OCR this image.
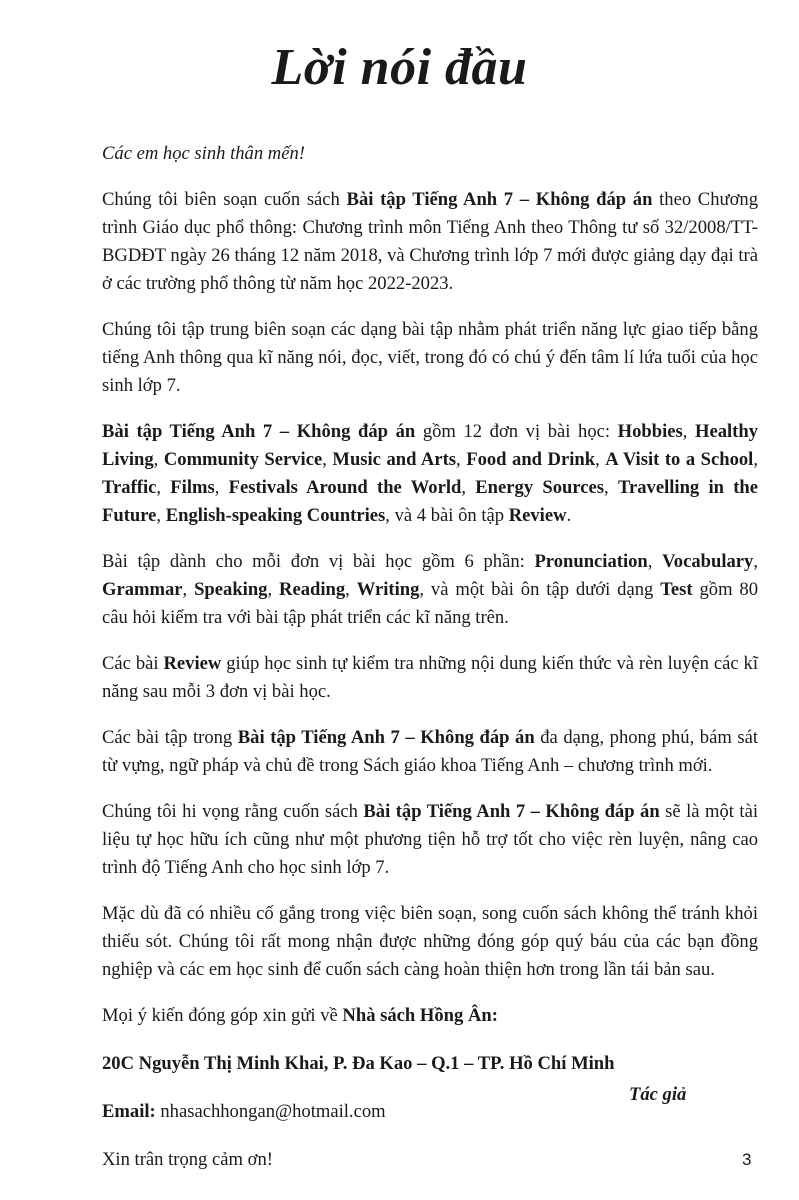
Lời nói đầu

Các em học sinh thân mến!

Chúng tôi biên soạn cuốn sách Bài tập Tiếng Anh 7 – Không đáp án theo Chương trình Giáo dục phổ thông: Chương trình môn Tiếng Anh theo Thông tư số 32/2008/TT-BGDĐT ngày 26 tháng 12 năm 2018, và Chương trình lớp 7 mới được giảng dạy đại trà ở các trường phổ thông từ năm học 2022-2023.

Chúng tôi tập trung biên soạn các dạng bài tập nhằm phát triển năng lực giao tiếp bằng tiếng Anh thông qua kĩ năng nói, đọc, viết, trong đó có chú ý đến tâm lí lứa tuổi của học sinh lớp 7.

Bài tập Tiếng Anh 7 – Không đáp án gồm 12 đơn vị bài học: Hobbies, Healthy Living, Community Service, Music and Arts, Food and Drink, A Visit to a School, Traffic, Films, Festivals Around the World, Energy Sources, Travelling in the Future, English-speaking Countries, và 4 bài ôn tập Review.

Bài tập dành cho mỗi đơn vị bài học gồm 6 phần: Pronunciation, Vocabulary, Grammar, Speaking, Reading, Writing, và một bài ôn tập dưới dạng Test gồm 80 câu hỏi kiểm tra với bài tập phát triển các kĩ năng trên.

Các bài Review giúp học sinh tự kiểm tra những nội dung kiến thức và rèn luyện các kĩ năng sau mỗi 3 đơn vị bài học.

Các bài tập trong Bài tập Tiếng Anh 7 – Không đáp án đa dạng, phong phú, bám sát từ vựng, ngữ pháp và chủ đề trong Sách giáo khoa Tiếng Anh – chương trình mới.

Chúng tôi hi vọng rằng cuốn sách Bài tập Tiếng Anh 7 – Không đáp án sẽ là một tài liệu tự học hữu ích cũng như một phương tiện hỗ trợ tốt cho việc rèn luyện, nâng cao trình độ Tiếng Anh cho học sinh lớp 7.

Mặc dù đã có nhiều cố gắng trong việc biên soạn, song cuốn sách không thể tránh khỏi thiếu sót. Chúng tôi rất mong nhận được những đóng góp quý báu của các bạn đồng nghiệp và các em học sinh để cuốn sách càng hoàn thiện hơn trong lần tái bản sau.

Mọi ý kiến đóng góp xin gửi về Nhà sách Hồng Ân:

20C Nguyễn Thị Minh Khai, P. Đa Kao – Q.1 – TP. Hồ Chí Minh

Email: nhasachhongan@hotmail.com

Xin trân trọng cảm ơn!

Tác giả
3
